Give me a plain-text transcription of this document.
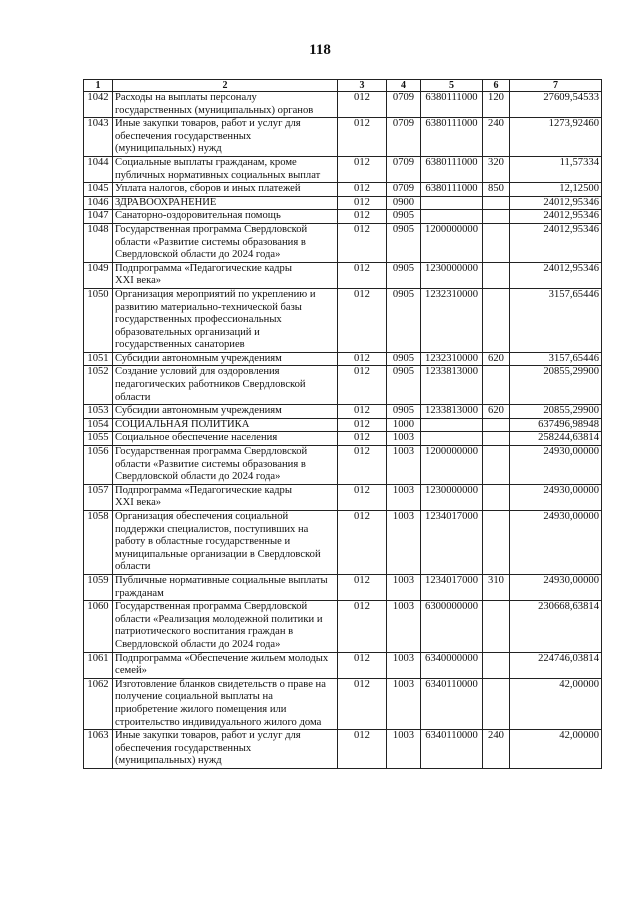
118
1	2	3	4	5	6	7
1042	Расходы на выплаты персоналу
государственных (муниципальных) органов	012	0709	6380111000	120	27609,54533
1043	Иные закупки товаров, работ и услуг для
обеспечения государственных
(муниципальных) нужд	012	0709	6380111000	240	1273,92460
1044	Социальные выплаты гражданам, кроме
публичных нормативных социальных выплат	012	0709	6380111000	320	11,57334
1045	Уплата налогов, сборов и иных платежей	012	0709	6380111000	850	12,12500
1046	ЗДРАВООХРАНЕНИЕ	012	0900			24012,95346
1047	Санаторно-оздоровительная помощь	012	0905			24012,95346
1048	Государственная программа Свердловской
области «Развитие системы образования в
Свердловской области до 2024 года»	012	0905	1200000000		24012,95346
1049	Подпрограмма «Педагогические кадры
XXI века»	012	0905	1230000000		24012,95346
1050	Организация мероприятий по укреплению и
развитию материально-технической базы
государственных профессиональных
образовательных организаций и
государственных санаториев	012	0905	1232310000		3157,65446
1051	Субсидии автономным учреждениям	012	0905	1232310000	620	3157,65446
1052	Создание условий для оздоровления
педагогических работников Свердловской
области	012	0905	1233813000		20855,29900
1053	Субсидии автономным учреждениям	012	0905	1233813000	620	20855,29900
1054	СОЦИАЛЬНАЯ ПОЛИТИКА	012	1000			637496,98948
1055	Социальное обеспечение населения	012	1003			258244,63814
1056	Государственная программа Свердловской
области «Развитие системы образования в
Свердловской области до 2024 года»	012	1003	1200000000		24930,00000
1057	Подпрограмма «Педагогические кадры
XXI века»	012	1003	1230000000		24930,00000
1058	Организация обеспечения социальной
поддержки специалистов, поступивших на
работу в областные государственные и
муниципальные организации в Свердловской
области	012	1003	1234017000		24930,00000
1059	Публичные нормативные социальные выплаты
гражданам	012	1003	1234017000	310	24930,00000
1060	Государственная программа Свердловской
области «Реализация молодежной политики и
патриотического воспитания граждан в
Свердловской области до 2024 года»	012	1003	6300000000		230668,63814
1061	Подпрограмма «Обеспечение жильем молодых
семей»	012	1003	6340000000		224746,03814
1062	Изготовление бланков свидетельств о праве на
получение социальной выплаты на
приобретение жилого помещения или
строительство индивидуального жилого дома	012	1003	6340110000		42,00000
1063	Иные закупки товаров, работ и услуг для
обеспечения государственных
(муниципальных) нужд	012	1003	6340110000	240	42,00000
